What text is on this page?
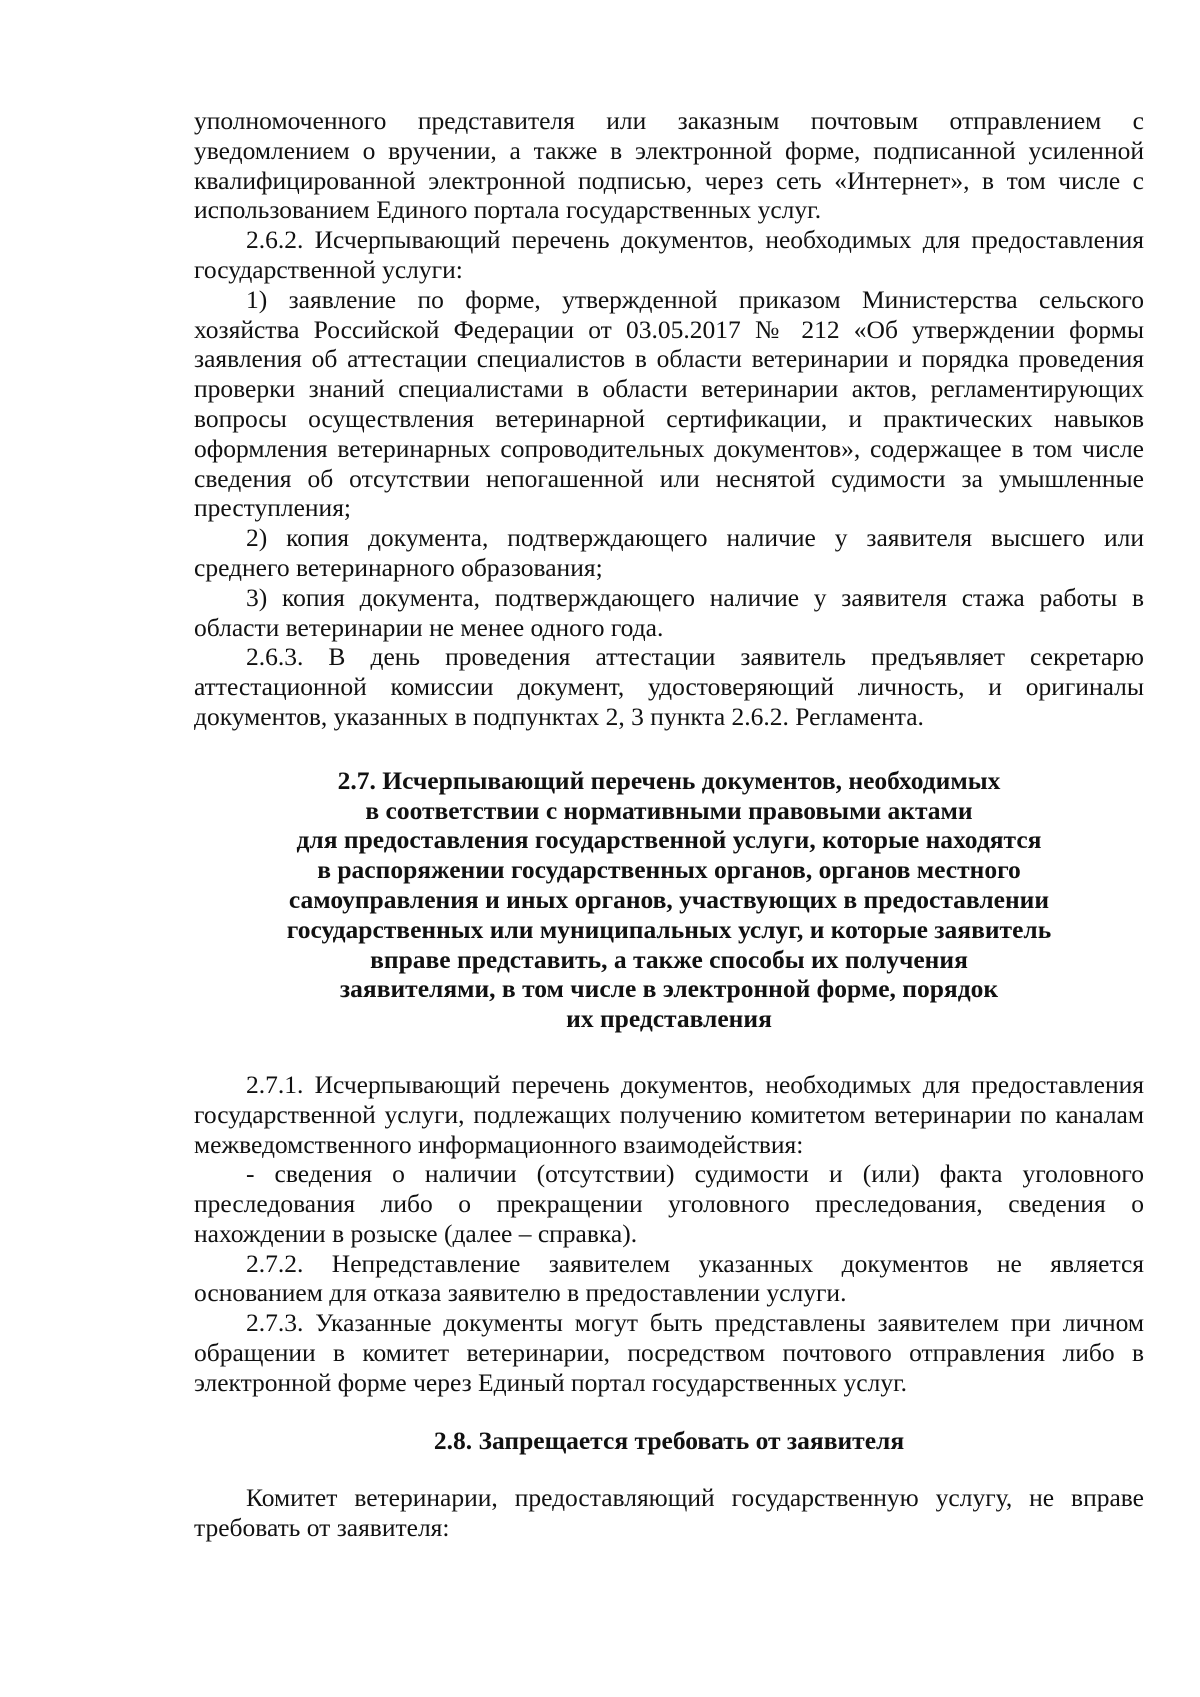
уполномоченного представителя или заказным почтовым отправлением с уведомлением о вручении, а также в электронной форме, подписанной усиленной квалифицированной электронной подписью, через сеть «Интернет», в том числе с использованием Единого портала государственных услуг.

2.6.2. Исчерпывающий перечень документов, необходимых для предоставления государственной услуги:

1) заявление по форме, утвержденной приказом Министерства сельского хозяйства Российской Федерации от 03.05.2017 № 212 «Об утверждении формы заявления об аттестации специалистов в области ветеринарии и порядка проведения проверки знаний специалистами в области ветеринарии актов, регламентирующих вопросы осуществления ветеринарной сертификации, и практических навыков оформления ветеринарных сопроводительных документов», содержащее в том числе сведения об отсутствии непогашенной или неснятой судимости за умышленные преступления;

2) копия документа, подтверждающего наличие у заявителя высшего или среднего ветеринарного образования;

3) копия документа, подтверждающего наличие у заявителя стажа работы в области ветеринарии не менее одного года.

2.6.3. В день проведения аттестации заявитель предъявляет секретарю аттестационной комиссии документ, удостоверяющий личность, и оригиналы документов, указанных в подпунктах 2, 3 пункта 2.6.2. Регламента.

2.7. Исчерпывающий перечень документов, необходимых
в соответствии с нормативными правовыми актами
для предоставления государственной услуги, которые находятся
в распоряжении государственных органов, органов местного
самоуправления и иных органов, участвующих в предоставлении
государственных или муниципальных услуг, и которые заявитель
вправе представить, а также способы их получения
заявителями, в том числе в электронной форме, порядок
их представления

2.7.1. Исчерпывающий перечень документов, необходимых для предоставления государственной услуги, подлежащих получению комитетом ветеринарии по каналам межведомственного информационного взаимодействия:

- сведения о наличии (отсутствии) судимости и (или) факта уголовного преследования либо о прекращении уголовного преследования, сведения о нахождении в розыске (далее – справка).

2.7.2. Непредставление заявителем указанных документов не является основанием для отказа заявителю в предоставлении услуги.

2.7.3. Указанные документы могут быть представлены заявителем при личном обращении в комитет ветеринарии, посредством почтового отправления либо в электронной форме через Единый портал государственных услуг.

2.8. Запрещается требовать от заявителя

Комитет ветеринарии, предоставляющий государственную услугу, не вправе требовать от заявителя:
